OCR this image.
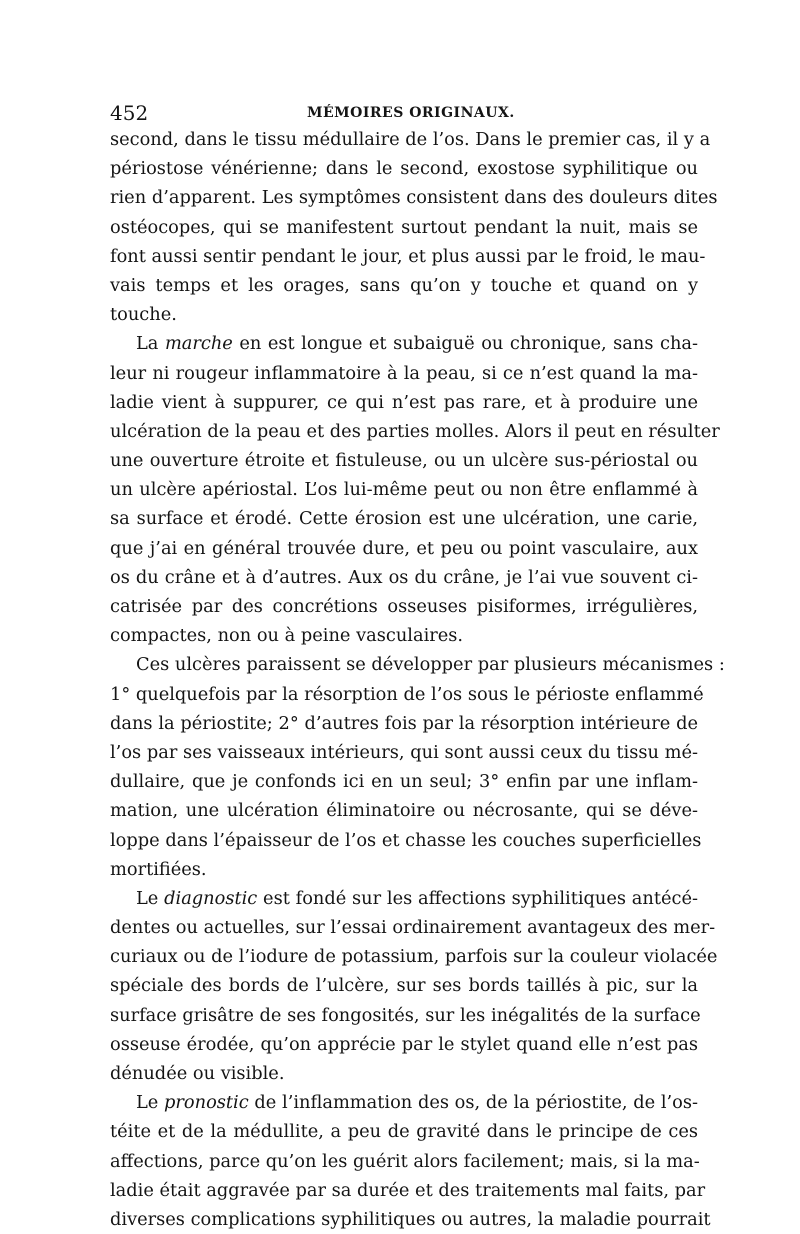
452	MÉMOIRES ORIGINAUX.
second, dans le tissu médullaire de l’os. Dans le premier cas, il y a
périostose vénérienne; dans le second, exostose syphilitique ou
rien d’apparent. Les symptômes consistent dans des douleurs dites
ostéocopes, qui se manifestent surtout pendant la nuit, mais se
font aussi sentir pendant le jour, et plus aussi par le froid, le mau-
vais temps et les orages, sans qu’on y touche et quand on y
touche.
La marche en est longue et subaiguë ou chronique, sans cha-
leur ni rougeur inflammatoire à la peau, si ce n’est quand la ma-
ladie vient à suppurer, ce qui n’est pas rare, et à produire une
ulcération de la peau et des parties molles. Alors il peut en résulter
une ouverture étroite et fistuleuse, ou un ulcère sus-périostal ou
un ulcère apériostal. L’os lui-même peut ou non être enflammé à
sa surface et érodé. Cette érosion est une ulcération, une carie,
que j’ai en général trouvée dure, et peu ou point vasculaire, aux
os du crâne et à d’autres. Aux os du crâne, je l’ai vue souvent ci-
catrisée par des concrétions osseuses pisiformes, irrégulières,
compactes, non ou à peine vasculaires.
Ces ulcères paraissent se développer par plusieurs mécanismes :
1° quelquefois par la résorption de l’os sous le périoste enflammé
dans la périostite; 2° d’autres fois par la résorption intérieure de
l’os par ses vaisseaux intérieurs, qui sont aussi ceux du tissu mé-
dullaire, que je confonds ici en un seul; 3° enfin par une inflam-
mation, une ulcération éliminatoire ou nécrosante, qui se déve-
loppe dans l’épaisseur de l’os et chasse les couches superficielles
mortifiées.
Le diagnostic est fondé sur les affections syphilitiques antécé-
dentes ou actuelles, sur l’essai ordinairement avantageux des mer-
curiaux ou de l’iodure de potassium, parfois sur la couleur violacée
spéciale des bords de l’ulcère, sur ses bords taillés à pic, sur la
surface grisâtre de ses fongosités, sur les inégalités de la surface
osseuse érodée, qu’on apprécie par le stylet quand elle n’est pas
dénudée ou visible.
Le pronostic de l’inflammation des os, de la périostite, de l’os-
téite et de la médullite, a peu de gravité dans le principe de ces
affections, parce qu’on les guérit alors facilement; mais, si la ma-
ladie était aggravée par sa durée et des traitements mal faits, par
diverses complications syphilitiques ou autres, la maladie pourrait
